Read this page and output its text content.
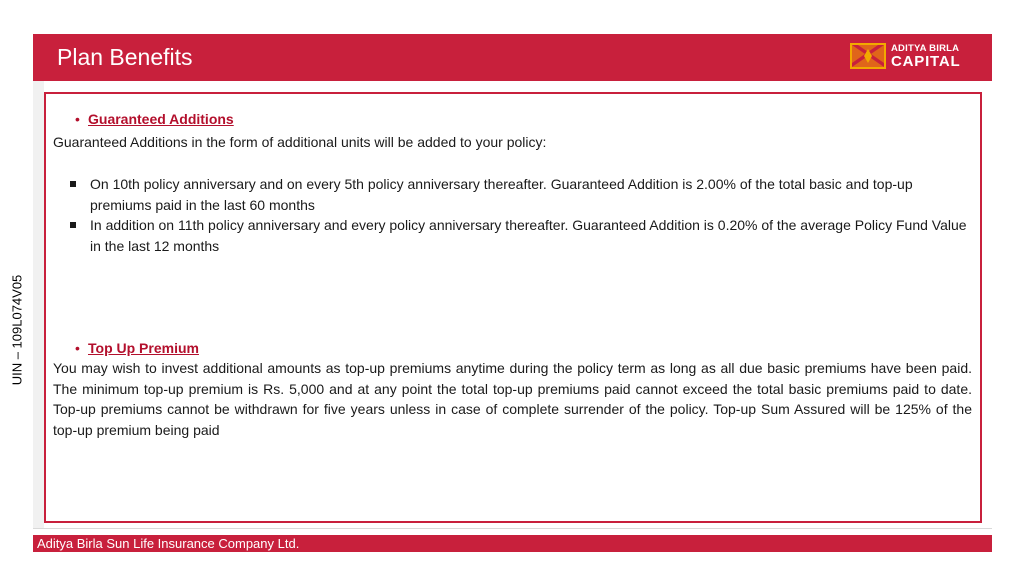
Plan Benefits	ADITYA BIRLA
CAPITAL
UIN – 109L074V05
• Guaranteed Additions
Guaranteed Additions in the form of additional units will be added to your policy:
On 10th policy anniversary and on every 5th policy anniversary thereafter. Guaranteed Addition is 2.00% of the total basic and top-up premiums paid in the last 60 months
In addition on 11th policy anniversary and every policy anniversary thereafter. Guaranteed Addition is 0.20% of the average Policy Fund Value in the last 12 months
• Top Up Premium
You may wish to invest additional amounts as top-up premiums anytime during the policy term as long as all due basic premiums have been paid. The minimum top-up premium is Rs. 5,000 and at any point the total top-up premiums paid cannot exceed the total basic premiums paid to date. Top-up premiums cannot be withdrawn for five years unless in case of complete surrender of the policy. Top-up Sum Assured will be 125% of the top-up premium being paid
Aditya Birla Sun Life Insurance Company Ltd.
